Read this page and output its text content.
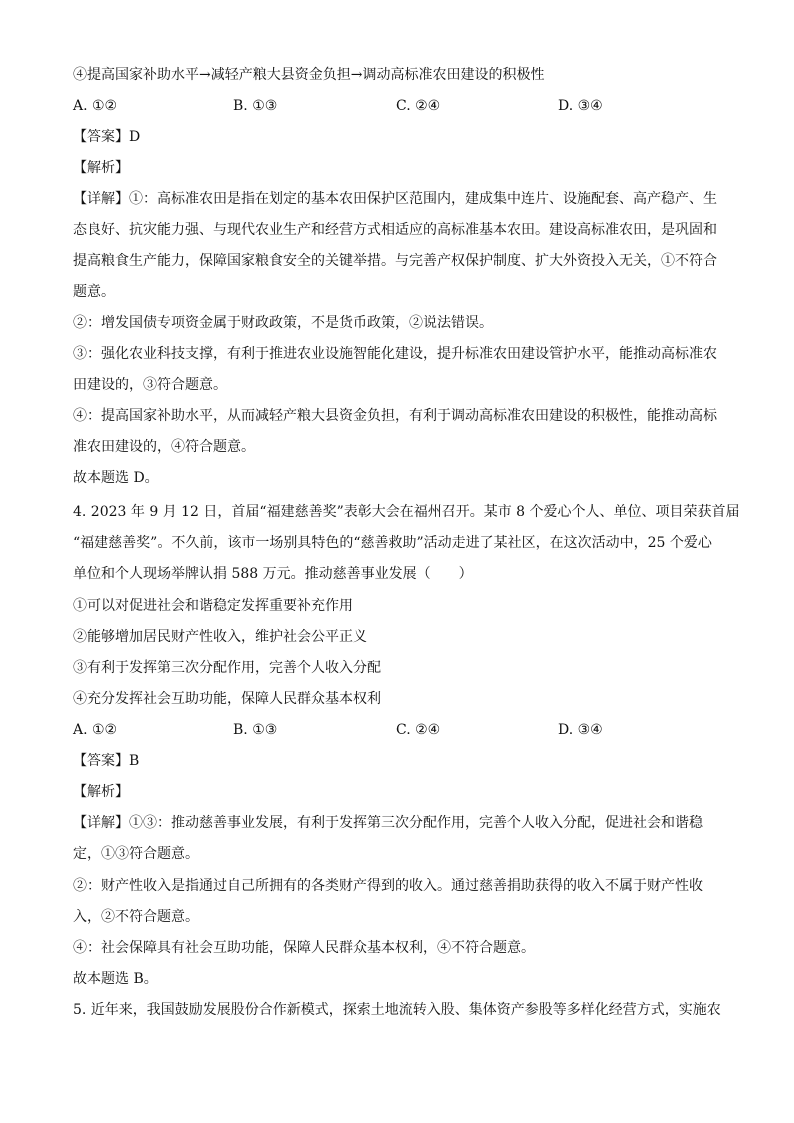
④提高国家补助水平→减轻产粮大县资金负担→调动高标准农田建设的积极性
A. ①②	B. ①③	C. ②④	D. ③④
【答案】D
【解析】
【详解】①：高标准农田是指在划定的基本农田保护区范围内，建成集中连片、设施配套、高产稳产、生
态良好、抗灾能力强、与现代农业生产和经营方式相适应的高标准基本农田。建设高标准农田，是巩固和
提高粮食生产能力，保障国家粮食安全的关键举措。与完善产权保护制度、扩大外资投入无关，①不符合
题意。
②：增发国债专项资金属于财政政策，不是货币政策，②说法错误。
③：强化农业科技支撑，有利于推进农业设施智能化建设，提升标准农田建设管护水平，能推动高标准农
田建设的，③符合题意。
④：提高国家补助水平，从而减轻产粮大县资金负担，有利于调动高标准农田建设的积极性，能推动高标
准农田建设的，④符合题意。
故本题选 D。
4. 2023 年 9 月 12 日，首届“福建慈善奖”表彰大会在福州召开。某市 8 个爱心个人、单位、项目荣获首届
“福建慈善奖”。不久前，该市一场别具特色的“慈善救助”活动走进了某社区，在这次活动中，25 个爱心
单位和个人现场举牌认捐 588 万元。推动慈善事业发展（　　）
①可以对促进社会和谐稳定发挥重要补充作用
②能够增加居民财产性收入，维护社会公平正义
③有利于发挥第三次分配作用，完善个人收入分配
④充分发挥社会互助功能，保障人民群众基本权利
A. ①②	B. ①③	C. ②④	D. ③④
【答案】B
【解析】
【详解】①③：推动慈善事业发展，有利于发挥第三次分配作用，完善个人收入分配，促进社会和谐稳
定，①③符合题意。
②：财产性收入是指通过自己所拥有的各类财产得到的收入。通过慈善捐助获得的收入不属于财产性收
入，②不符合题意。
④：社会保障具有社会互助功能，保障人民群众基本权利，④不符合题意。
故本题选 B。
5. 近年来，我国鼓励发展股份合作新模式，探索土地流转入股、集体资产参股等多样化经营方式，实施农
